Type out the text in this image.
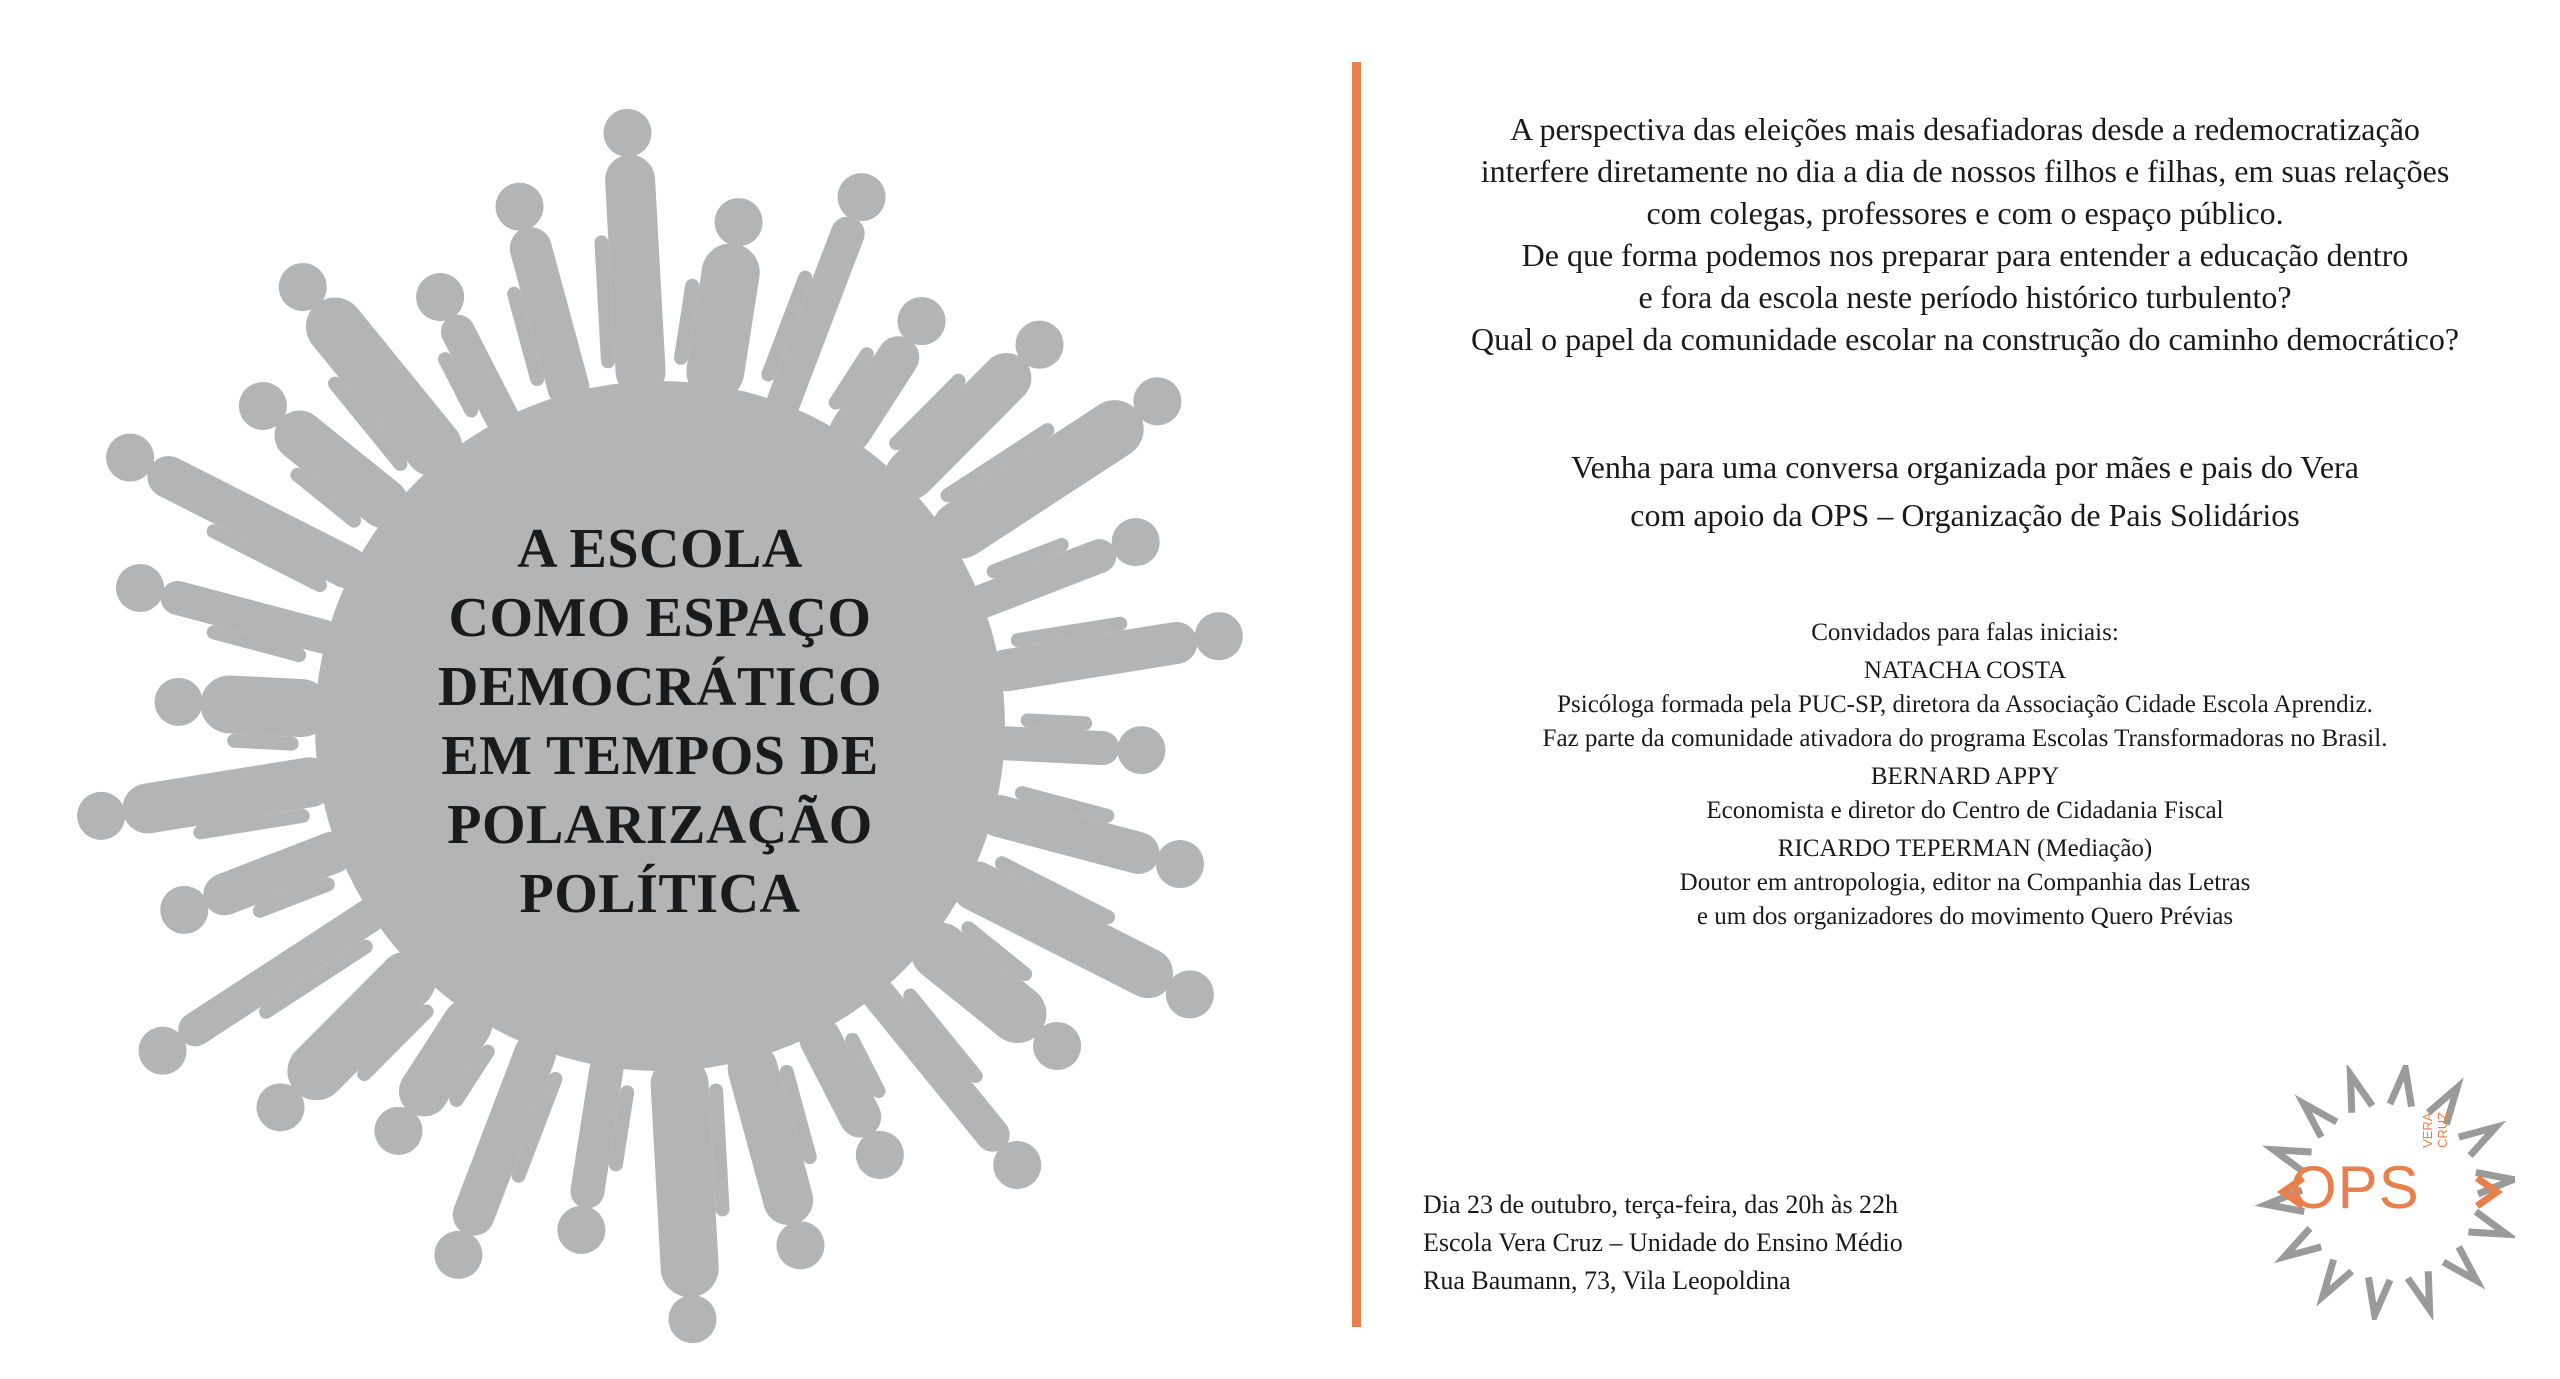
A ESCOLA
COMO ESPAÇO
DEMOCRÁTICO
EM TEMPOS DE
POLARIZAÇÃO
POLÍTICA
A perspectiva das eleições mais desafiadoras desde a redemocratização
interfere diretamente no dia a dia de nossos filhos e filhas, em suas relações
com colegas, professores e com o espaço público.
De que forma podemos nos preparar para entender a educação dentro
e fora da escola neste período histórico turbulento?
Qual o papel da comunidade escolar na construção do caminho democrático?
Venha para uma conversa organizada por mães e pais do Vera
com apoio da OPS – Organização de Pais Solidários
Convidados para falas iniciais:
NATACHA COSTA
Psicóloga formada pela PUC-SP, diretora da Associação Cidade Escola Aprendiz.
Faz parte da comunidade ativadora do programa Escolas Transformadoras no Brasil.
BERNARD APPY
Economista e diretor do Centro de Cidadania Fiscal
RICARDO TEPERMAN (Mediação)
Doutor em antropologia, editor na Companhia das Letras
e um dos organizadores do movimento Quero Prévias
Dia 23 de outubro, terça-feira, das 20h às 22h
Escola Vera Cruz – Unidade do Ensino Médio
Rua Baumann, 73, Vila Leopoldina
OPS
VERA CRUZ
